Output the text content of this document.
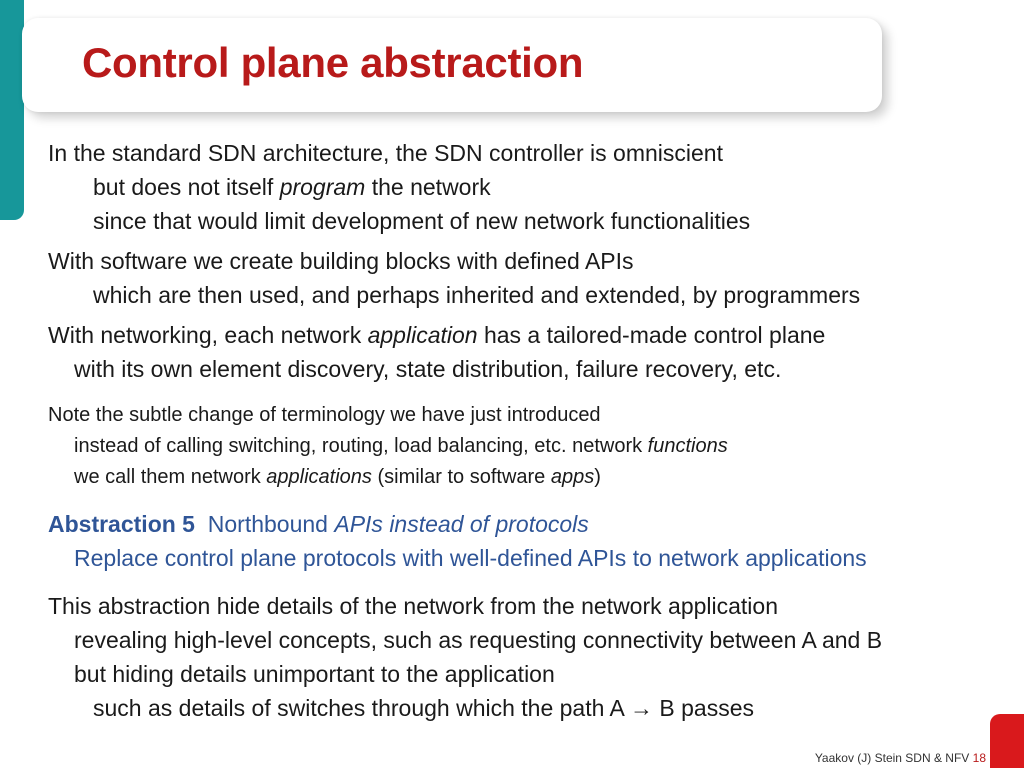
Control plane abstraction
In the standard SDN architecture, the SDN controller is omniscient
but does not itself program the network
since that would limit development of new network functionalities
With software we create building blocks with defined APIs
which are then used, and perhaps inherited and extended, by programmers
With networking, each network application has a tailored-made control plane
with its own element discovery, state distribution, failure recovery, etc.
Note the subtle change of terminology we have just introduced
instead of calling switching, routing, load balancing, etc. network functions
we call them network applications (similar to software apps)
Abstraction 5 Northbound APIs instead of protocols
Replace control plane protocols with well-defined APIs to network applications
This abstraction hide details of the network from the network application
revealing high-level concepts, such as requesting connectivity between A and B
but hiding details unimportant to the application
such as details of switches through which the path A → B passes
Yaakov (J) Stein SDN & NFV 18
